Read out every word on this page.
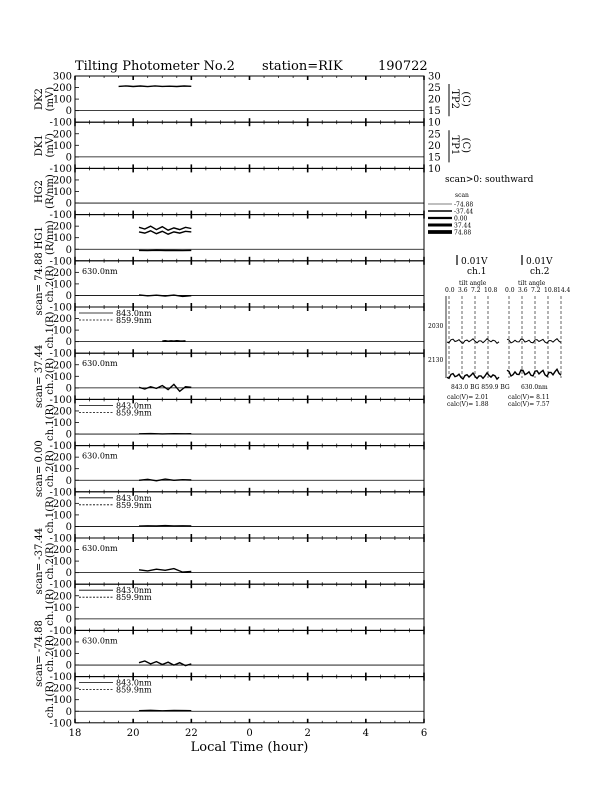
Tilting Photometer No.2 station=RIK	190722
300
200
100
0
-100
DK2(mV)
30
25
20
15
10
TP2(C)
200
100
0
-100
DK1(mV)	25
20
15
10
TP1(C)
200
100
0
-100
HG2(R/nm)
200
100
0
-100
HG1(R/nm)
200
100
0
-100
scan= 74.88ch.2(R)	630.0nm
200
100
0
-100
ch.1(R)	843.0nm
859.9nm
200
100
0
-100
scan= 37.44ch.2(R)	630.0nm
200
100
0
-100
ch.1(R)	843.0nm
859.9nm
200
100
0
-100
scan= 0.00ch.2(R)	630.0nm
200
100
0
-100
ch.1(R)	843.0nm
859.9nm
200
100
0
-100
scan= -37.44ch.2(R)	630.0nm
200
100
0
-100
ch.1(R)	843.0nm
859.9nm
200
100
0
-100
scan= -74.88ch.2(R)	630.0nm
200
100
0
-100
ch.1(R)	843.0nm
859.9nm
18	20	22	0	2	4	6
Local Time (hour)
scan>0: southward
scan
-74.88
-37.44
0.00
37.44
74.88
0.01V	0.01V
ch.1	ch.2
tilt angle	tilt angle
0.0 3.6 7.2 10.8 0.0 3.6 7.2 10.8 14.4
2030
2130
843.0 BG 859.9 BG 630.0nm
calc(V)= 2.01
calc(V)= 1.88
calc(V)= 8.11
calc(V)= 7.57
